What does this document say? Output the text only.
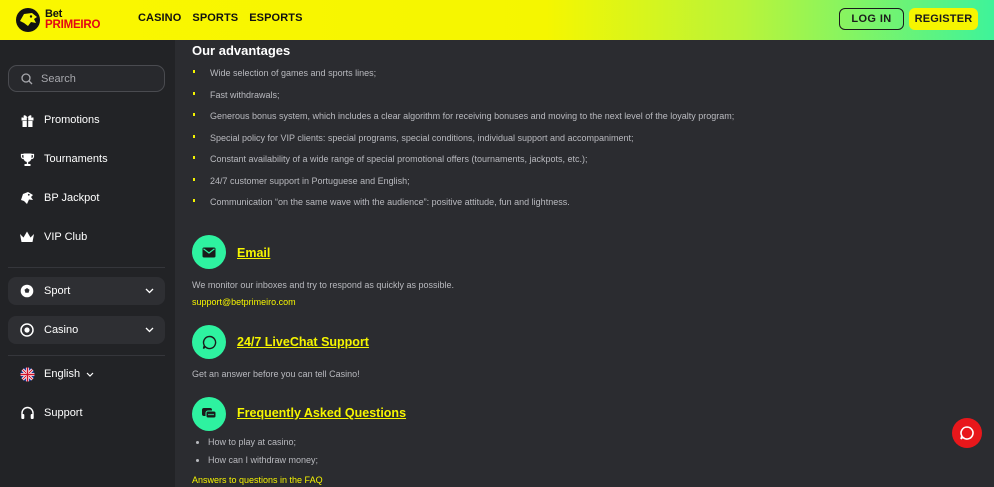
Bet
PRIMEIRO
CASINO SPORTS ESPORTS	LOG IN	REGISTER
Search
Promotions
Tournaments
BP Jackpot
VIP Club
Sport
Casino
English
Support
Our advantages
Wide selection of games and sports lines;
Fast withdrawals;
Generous bonus system, which includes a clear algorithm for receiving bonuses and moving to the next level of the loyalty program;
Special policy for VIP clients: special programs, special conditions, individual support and accompaniment;
Constant availability of a wide range of special promotional offers (tournaments, jackpots, etc.);
24/7 customer support in Portuguese and English;
Communication “on the same wave with the audience”: positive attitude, fun and lightness.
Email

We monitor our inboxes and try to respond as quickly as possible.

support@betprimeiro.com
24/7 LiveChat Support

Get an answer before you can tell Casino!

Frequently Asked Questions
How to play at casino;
How can I withdraw money;
Answers to questions in the FAQ
